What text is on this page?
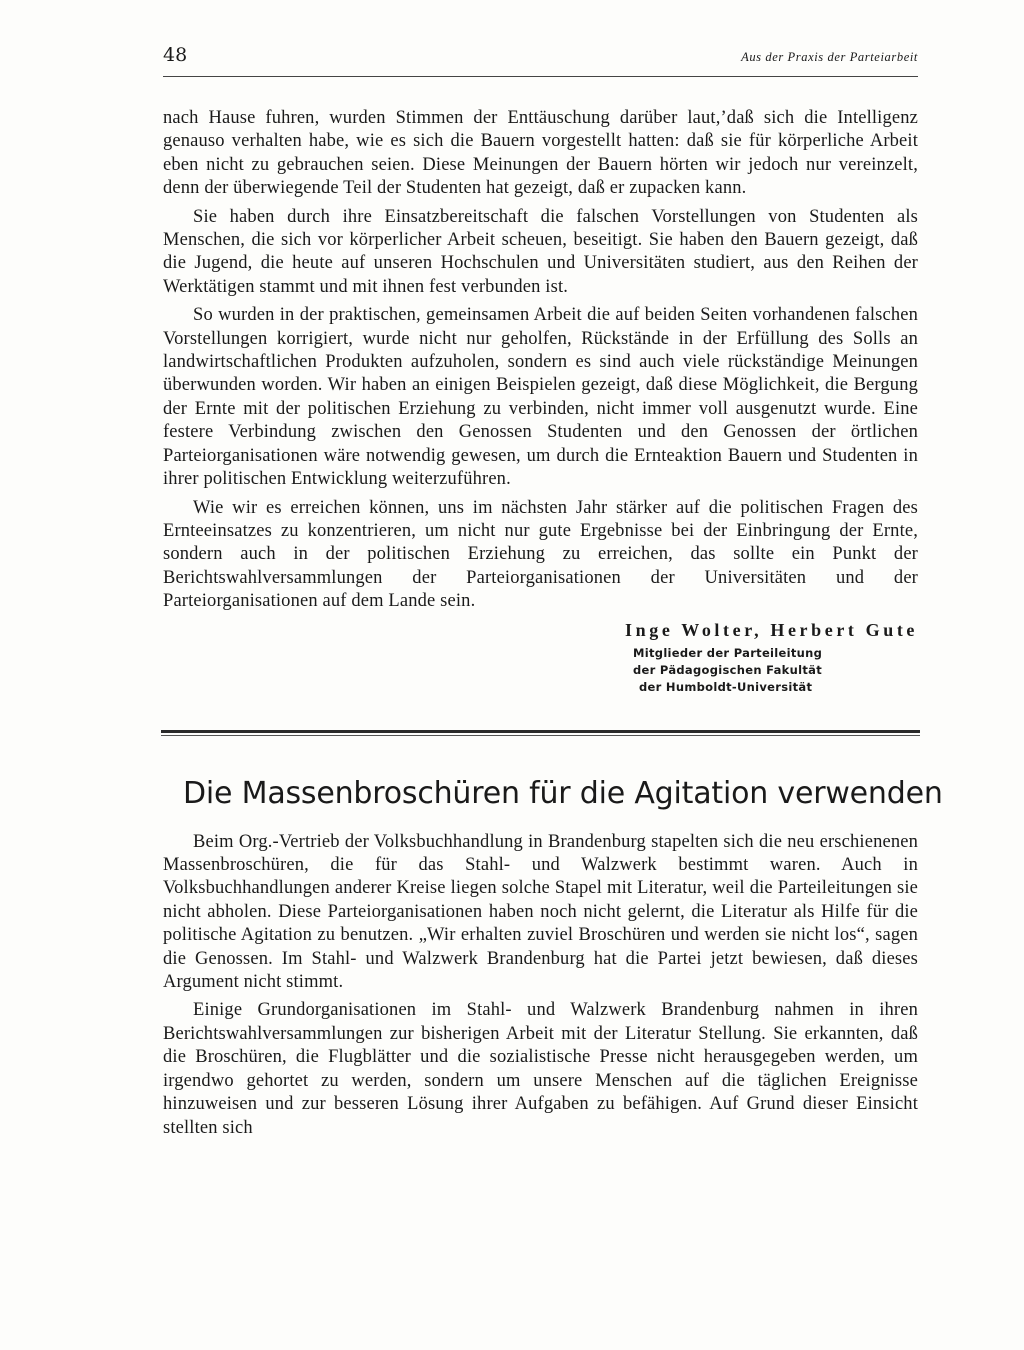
48	Aus der Praxis der Parteiarbeit

nach Hause fuhren, wurden Stimmen der Enttäuschung darüber laut,’daß sich die Intelligenz genauso verhalten habe, wie es sich die Bauern vorgestellt hatten: daß sie für körperliche Arbeit eben nicht zu gebrauchen seien. Diese Meinungen der Bauern hörten wir jedoch nur vereinzelt, denn der überwiegende Teil der Studenten hat gezeigt, daß er zupacken kann.

Sie haben durch ihre Einsatzbereitschaft die falschen Vorstellungen von Studenten als Menschen, die sich vor körperlicher Arbeit scheuen, beseitigt. Sie haben den Bauern gezeigt, daß die Jugend, die heute auf unseren Hochschulen und Universitäten studiert, aus den Reihen der Werktätigen stammt und mit ihnen fest verbunden ist.

So wurden in der praktischen, gemeinsamen Arbeit die auf beiden Seiten vorhandenen falschen Vorstellungen korrigiert, wurde nicht nur geholfen, Rückstände in der Erfüllung des Solls an landwirtschaftlichen Produkten aufzuholen, sondern es sind auch viele rückständige Meinungen überwunden worden. Wir haben an einigen Beispielen gezeigt, daß diese Möglichkeit, die Bergung der Ernte mit der politischen Erziehung zu verbinden, nicht immer voll ausgenutzt wurde. Eine festere Verbindung zwischen den Genossen Studenten und den Genossen der örtlichen Parteiorganisationen wäre notwendig gewesen, um durch die Ernteaktion Bauern und Studenten in ihrer politischen Entwicklung weiterzuführen.

Wie wir es erreichen können, uns im nächsten Jahr stärker auf die politischen Fragen des Ernteeinsatzes zu konzentrieren, um nicht nur gute Ergebnisse bei der Einbringung der Ernte, sondern auch in der politischen Erziehung zu erreichen, das sollte ein Punkt der Berichtswahlversammlungen der Parteiorganisationen der Universitäten und der Parteiorganisationen auf dem Lande sein.

Inge Wolter, Herbert Gute
Mitglieder der Parteileitung
der Pädagogischen Fakultät
der Humboldt-Universität
Die Massenbroschüren für die Agitation verwenden

Beim Org.-Vertrieb der Volksbuchhandlung in Brandenburg stapelten sich die neu erschienenen Massenbroschüren, die für das Stahl- und Walzwerk bestimmt waren. Auch in Volksbuchhandlungen anderer Kreise liegen solche Stapel mit Literatur, weil die Parteileitungen sie nicht abholen. Diese Parteiorganisationen haben noch nicht gelernt, die Literatur als Hilfe für die politische Agitation zu benutzen. „Wir erhalten zuviel Broschüren und werden sie nicht los“, sagen die Genossen. Im Stahl- und Walzwerk Brandenburg hat die Partei jetzt bewiesen, daß dieses Argument nicht stimmt.

Einige Grundorganisationen im Stahl- und Walzwerk Brandenburg nahmen in ihren Berichtswahlversammlungen zur bisherigen Arbeit mit der Literatur Stellung. Sie erkannten, daß die Broschüren, die Flugblätter und die sozialistische Presse nicht herausgegeben werden, um irgendwo gehortet zu werden, sondern um unsere Menschen auf die täglichen Ereignisse hinzuweisen und zur besseren Lösung ihrer Aufgaben zu befähigen. Auf Grund dieser Einsicht stellten sich
